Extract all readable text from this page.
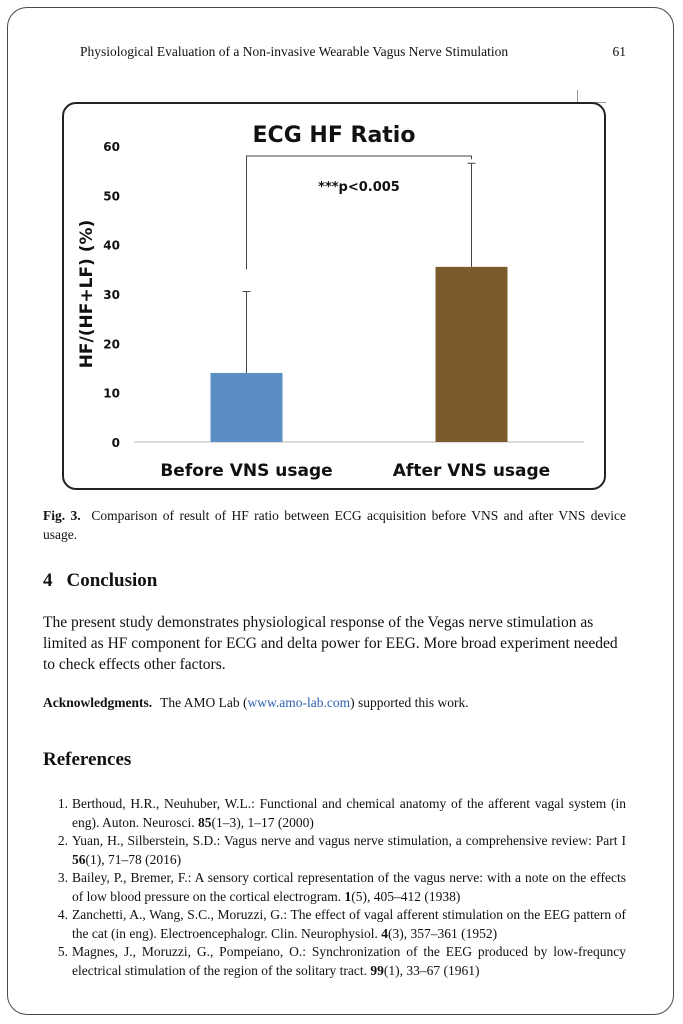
Physiological Evaluation of a Non-invasive Wearable Vagus Nerve Stimulation	61
ECG HF Ratio
HF/(HF+LF) (%)
0
10
20
30
40
50
60
Before VNS usage	After VNS usage
***p<0.005
Fig. 3. Comparison of result of HF ratio between ECG acquisition before VNS and after VNS device usage.
4 Conclusion
The present study demonstrates physiological response of the Vegas nerve stimulation as limited as HF component for ECG and delta power for EEG. More broad experiment needed to check effects other factors.
Acknowledgments. The AMO Lab (www.amo-lab.com) supported this work.
References
1. Berthoud, H.R., Neuhuber, W.L.: Functional and chemical anatomy of the afferent vagal system (in eng). Auton. Neurosci. 85(1–3), 1–17 (2000)
2. Yuan, H., Silberstein, S.D.: Vagus nerve and vagus nerve stimulation, a comprehensive review: Part I 56(1), 71–78 (2016)
3. Bailey, P., Bremer, F.: A sensory cortical representation of the vagus nerve: with a note on the effects of low blood pressure on the cortical electrogram. 1(5), 405–412 (1938)
4. Zanchetti, A., Wang, S.C., Moruzzi, G.: The effect of vagal afferent stimulation on the EEG pattern of the cat (in eng). Electroencephalogr. Clin. Neurophysiol. 4(3), 357–361 (1952)
5. Magnes, J., Moruzzi, G., Pompeiano, O.: Synchronization of the EEG produced by low-frequncy electrical stimulation of the region of the solitary tract. 99(1), 33–67 (1961)
